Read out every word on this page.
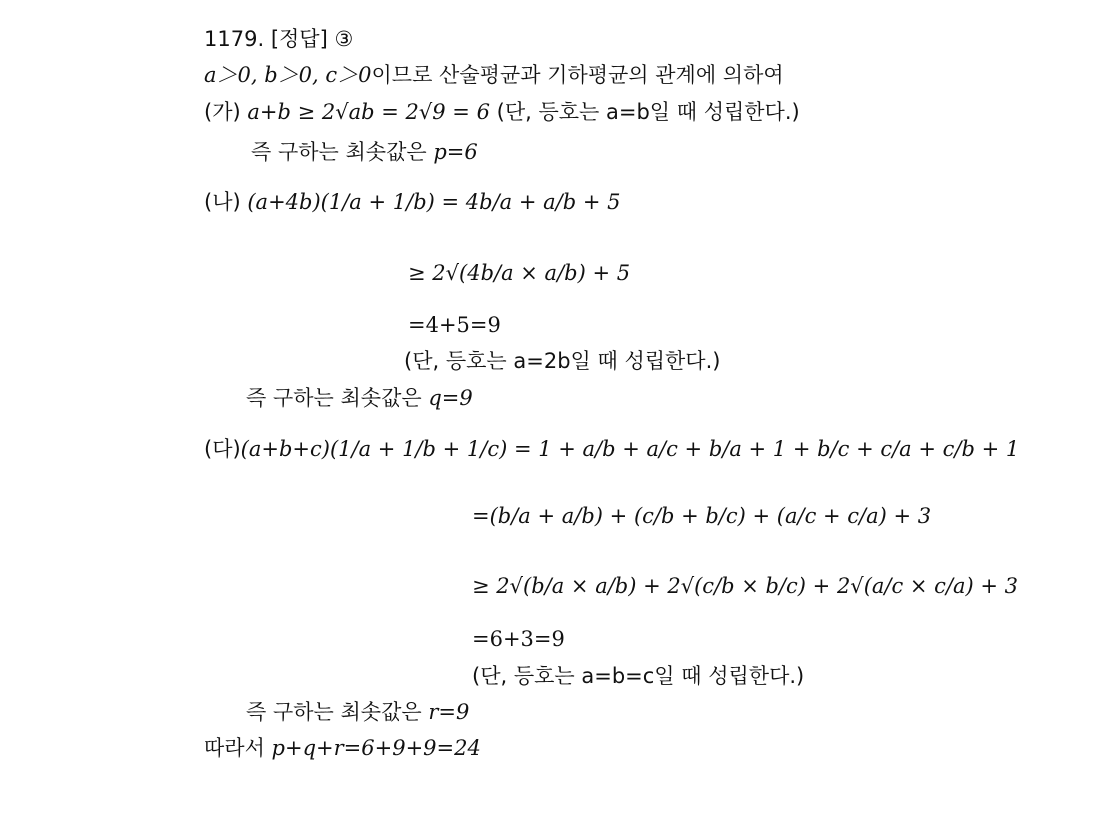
1179. [정답] ③
a＞0, b＞0, c＞0이므로 산술평균과 기하평균의 관계에 의하여
(가) a+b ≥ 2√ab = 2√9 = 6 (단, 등호는 a=b일 때 성립한다.)
즉 구하는 최솟값은 p=6
(나) (a+4b)(1/a + 1/b) = 4b/a + a/b + 5
≥ 2√(4b/a × a/b) + 5
=4+5=9
(단, 등호는 a=2b일 때 성립한다.)
즉 구하는 최솟값은 q=9
(다)(a+b+c)(1/a + 1/b + 1/c) = 1 + a/b + a/c + b/a + 1 + b/c + c/a + c/b + 1
=(b/a + a/b) + (c/b + b/c) + (a/c + c/a) + 3
≥ 2√(b/a × a/b) + 2√(c/b × b/c) + 2√(a/c × c/a) + 3
=6+3=9
(단, 등호는 a=b=c일 때 성립한다.)
즉 구하는 최솟값은 r=9
따라서 p+q+r=6+9+9=24
